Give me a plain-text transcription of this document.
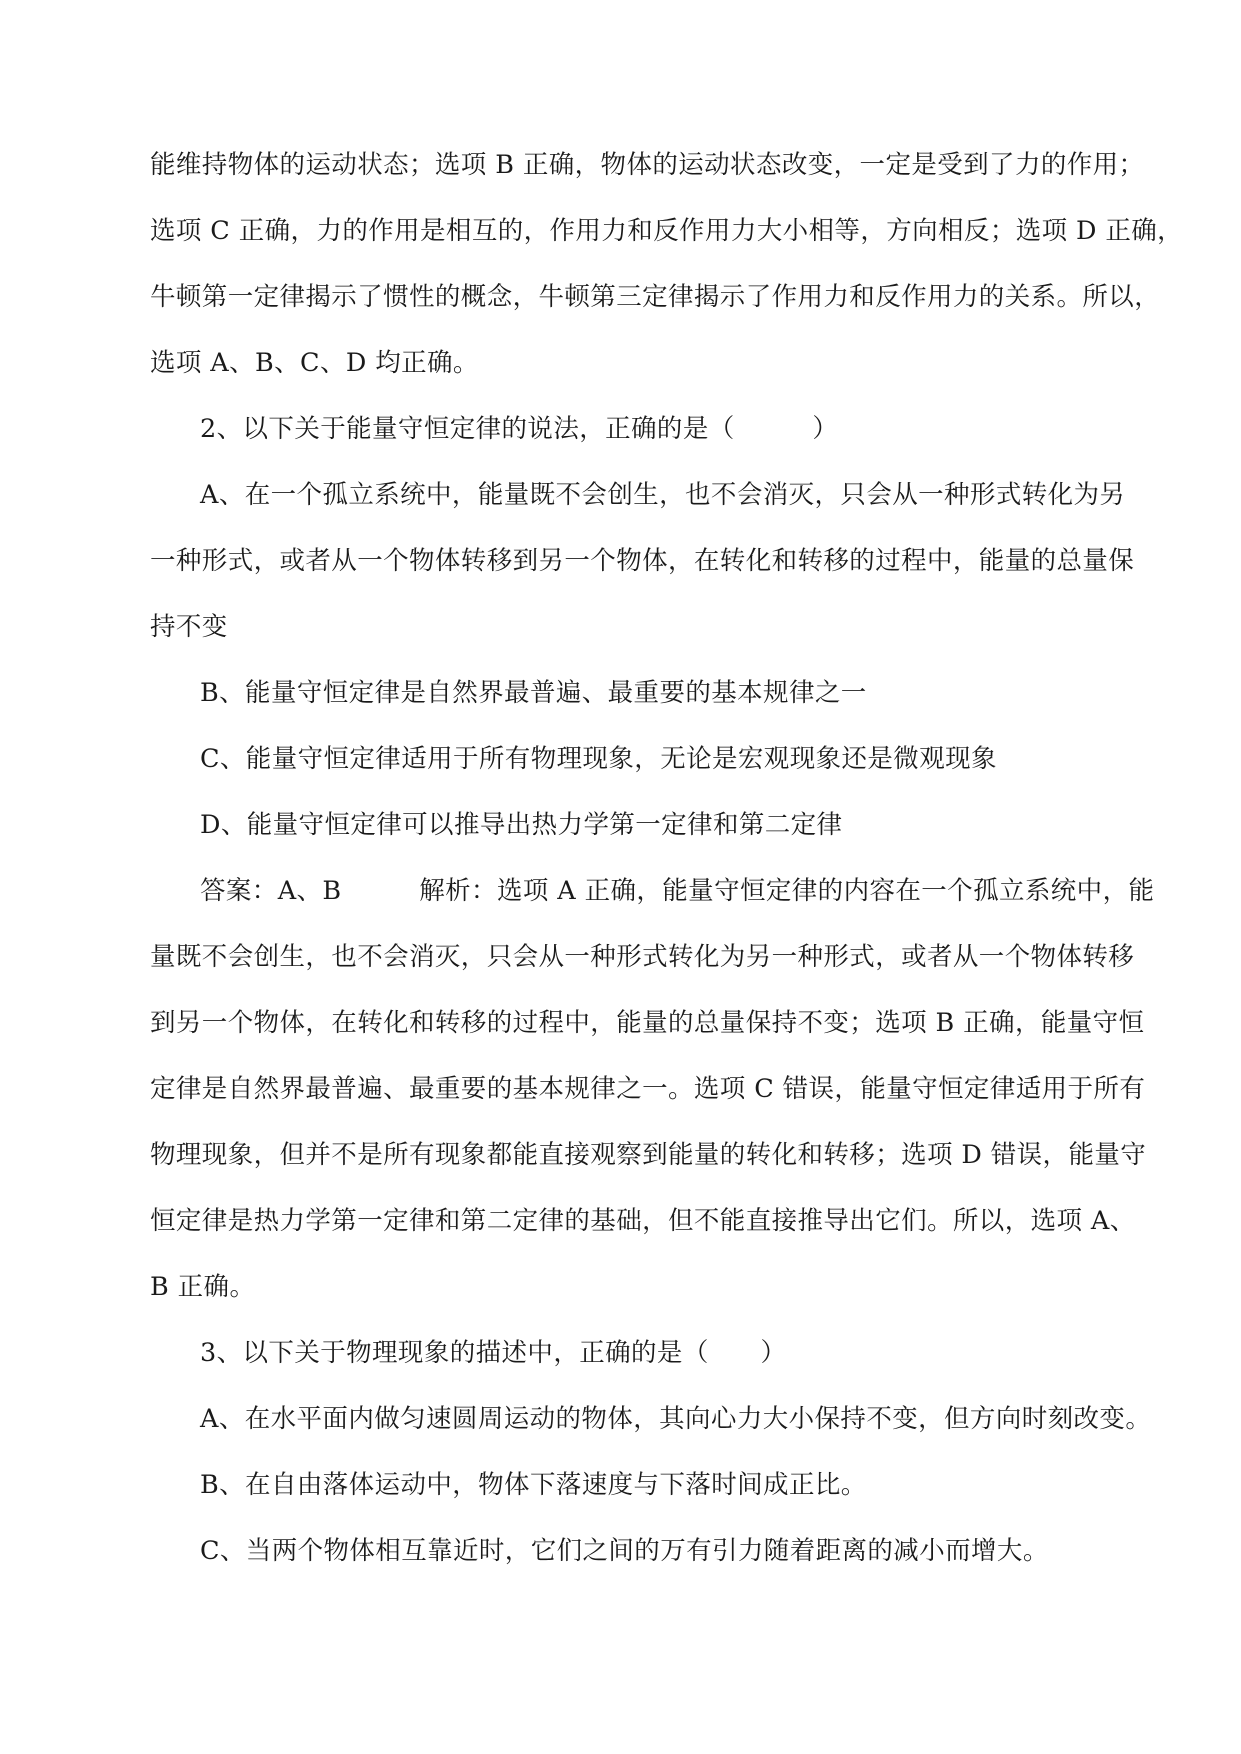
能维持物体的运动状态；选项 B 正确，物体的运动状态改变，一定是受到了力的作用；
选项 C 正确，力的作用是相互的，作用力和反作用力大小相等，方向相反；选项 D 正确，
牛顿第一定律揭示了惯性的概念，牛顿第三定律揭示了作用力和反作用力的关系。所以，
选项 A、B、C、D 均正确。
2、以下关于能量守恒定律的说法，正确的是（　　　）
A、在一个孤立系统中，能量既不会创生，也不会消灭，只会从一种形式转化为另
一种形式，或者从一个物体转移到另一个物体，在转化和转移的过程中，能量的总量保
持不变
B、能量守恒定律是自然界最普遍、最重要的基本规律之一
C、能量守恒定律适用于所有物理现象，无论是宏观现象还是微观现象
D、能量守恒定律可以推导出热力学第一定律和第二定律
答案：A、B　　　解析：选项 A 正确，能量守恒定律的内容在一个孤立系统中，能
量既不会创生，也不会消灭，只会从一种形式转化为另一种形式，或者从一个物体转移
到另一个物体，在转化和转移的过程中，能量的总量保持不变；选项 B 正确，能量守恒
定律是自然界最普遍、最重要的基本规律之一。选项 C 错误，能量守恒定律适用于所有
物理现象，但并不是所有现象都能直接观察到能量的转化和转移；选项 D 错误，能量守
恒定律是热力学第一定律和第二定律的基础，但不能直接推导出它们。所以，选项 A、
B 正确。
3、以下关于物理现象的描述中，正确的是（　　）
A、在水平面内做匀速圆周运动的物体，其向心力大小保持不变，但方向时刻改变。
B、在自由落体运动中，物体下落速度与下落时间成正比。
C、当两个物体相互靠近时，它们之间的万有引力随着距离的减小而增大。
